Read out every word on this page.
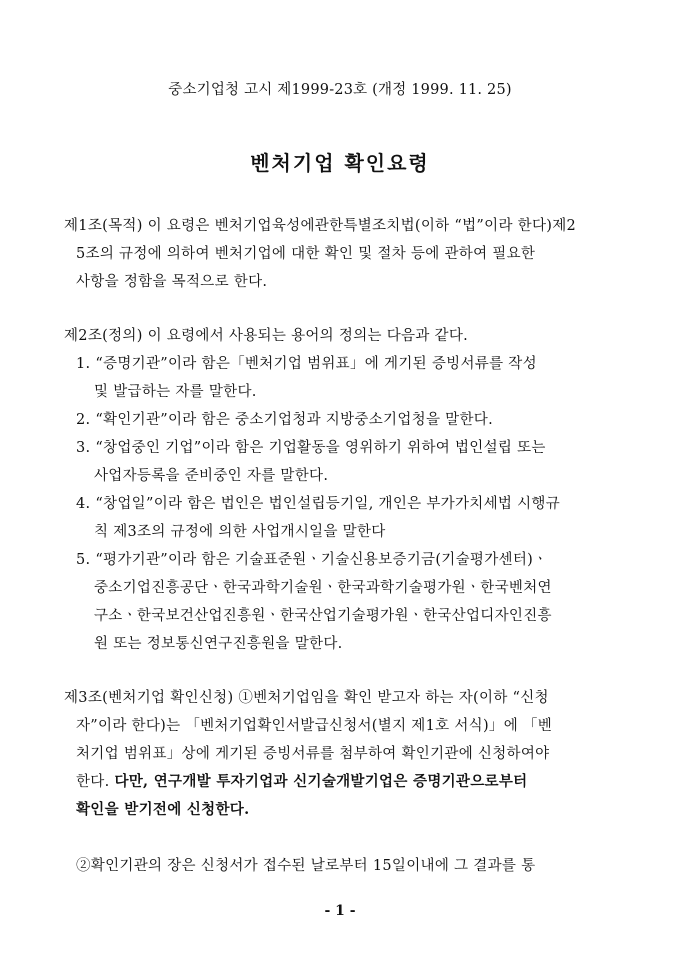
중소기업청 고시 제1999-23호 (개정 1999. 11. 25)
벤처기업 확인요령
제1조(목적) 이 요령은 벤처기업육성에관한특별조치법(이하 “법”이라 한다)제2
5조의 규정에 의하여 벤처기업에 대한 확인 및 절차 등에 관하여 필요한
사항을 정함을 목적으로 한다.
제2조(정의) 이 요령에서 사용되는 용어의 정의는 다음과 같다.
1. “증명기관”이라 함은「벤처기업 범위표」에 게기된 증빙서류를 작성
및 발급하는 자를 말한다.
2. “확인기관”이라 함은 중소기업청과 지방중소기업청을 말한다.
3. “창업중인 기업”이라 함은 기업활동을 영위하기 위하여 법인설립 또는
사업자등록을 준비중인 자를 말한다.
4. “창업일”이라 함은 법인은 법인설립등기일, 개인은 부가가치세법 시행규
칙 제3조의 규정에 의한 사업개시일을 말한다
5. “평가기관”이라 함은 기술표준원ㆍ기술신용보증기금(기술평가센터)ㆍ
중소기업진흥공단ㆍ한국과학기술원ㆍ한국과학기술평가원ㆍ한국벤처연
구소ㆍ한국보건산업진흥원ㆍ한국산업기술평가원ㆍ한국산업디자인진흥
원 또는 정보통신연구진흥원을 말한다.
제3조(벤처기업 확인신청) ①벤처기업임을 확인 받고자 하는 자(이하 “신청
자”이라 한다)는 「벤처기업확인서발급신청서(별지 제1호 서식)」에 「벤
처기업 범위표」상에 게기된 증빙서류를 첨부하여 확인기관에 신청하여야
한다. 다만, 연구개발 투자기업과 신기술개발기업은 증명기관으로부터
확인을 받기전에 신청한다.
②확인기관의 장은 신청서가 접수된 날로부터 15일이내에 그 결과를 통
- 1 -
